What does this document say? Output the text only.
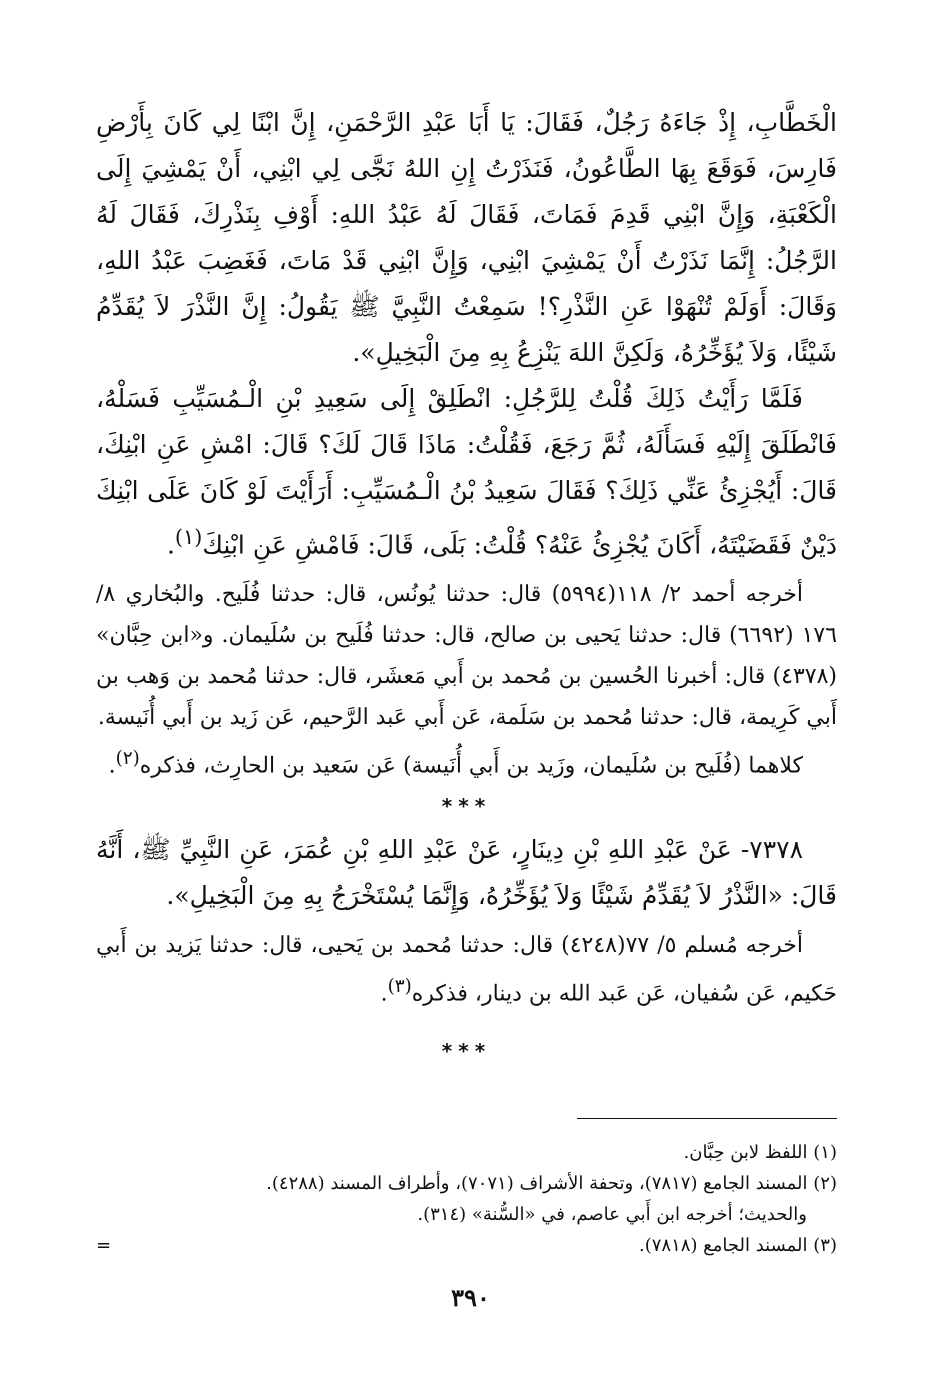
الْخَطَّابِ، إِذْ جَاءَهُ رَجُلٌ، فَقَالَ: يَا أَبَا عَبْدِ الرَّحْمَنِ، إِنَّ ابْنًا لِي كَانَ بِأَرْضِ فَارِسَ، فَوَقَعَ بِهَا الطَّاعُونُ، فَنَذَرْتُ إِنِ اللهُ نَجَّى لِي ابْنِي، أَنْ يَمْشِيَ إِلَى الْكَعْبَةِ، وَإِنَّ ابْنِي قَدِمَ فَمَاتَ، فَقَالَ لَهُ عَبْدُ اللهِ: أَوْفِ بِنَذْرِكَ، فَقَالَ لَهُ الرَّجُلُ: إِنَّمَا نَذَرْتُ أَنْ يَمْشِيَ ابْنِي، وَإِنَّ ابْنِي قَدْ مَاتَ، فَغَضِبَ عَبْدُ اللهِ، وَقَالَ: أَوَلَمْ تُنْهَوْا عَنِ النَّذْرِ؟! سَمِعْتُ النَّبِيَّ ﷺ يَقُولُ: إِنَّ النَّذْرَ لاَ يُقَدِّمُ شَيْئًا، وَلاَ يُؤَخِّرُهُ، وَلَكِنَّ اللهَ يَنْزِعُ بِهِ مِنَ الْبَخِيلِ».

فَلَمَّا رَأَيْتُ ذَلِكَ قُلْتُ لِلرَّجُلِ: انْطَلِقْ إِلَى سَعِيدِ بْنِ الْـمُسَيِّبِ فَسَلْهُ، فَانْطَلَقَ إِلَيْهِ فَسَأَلَهُ، ثُمَّ رَجَعَ، فَقُلْتُ: مَاذَا قَالَ لَكَ؟ قَالَ: امْشِ عَنِ ابْنِكَ، قَالَ: أَيُجْزِئُ عَنِّي ذَلِكَ؟ فَقَالَ سَعِيدُ بْنُ الْـمُسَيِّبِ: أَرَأَيْتَ لَوْ كَانَ عَلَى ابْنِكَ دَيْنٌ فَقَضَيْتَهُ، أَكَانَ يُجْزِئُ عَنْهُ؟ قُلْتُ: بَلَى، قَالَ: فَامْشِ عَنِ ابْنِكَ$^{(١)}$.

أخرجه أحمد ٢/ ١١٨(٥٩٩٤) قال: حدثنا يُونُس، قال: حدثنا فُلَيح. والبُخاري ٨/ ١٧٦ (٦٦٩٢) قال: حدثنا يَحيى بن صالح، قال: حدثنا فُلَيح بن سُلَيمان. و«ابن حِبَّان» (٤٣٧٨) قال: أخبرنا الحُسين بن مُحمد بن أَبي مَعشَر، قال: حدثنا مُحمد بن وَهب بن أَبي كَرِيمة، قال: حدثنا مُحمد بن سَلَمة، عَن أَبي عَبد الرَّحيم، عَن زَيد بن أَبي أُنَيسة.

كلاهما (فُلَيح بن سُلَيمان، وزَيد بن أَبي أُنَيسة) عَن سَعيد بن الحارِث، فذكره$^{(٢)}$.

***

٧٣٧٨- عَنْ عَبْدِ اللهِ بْنِ دِينَارٍ، عَنْ عَبْدِ اللهِ بْنِ عُمَرَ، عَنِ النَّبِيِّ ﷺ، أَنَّهُ قَالَ: «النَّذْرُ لاَ يُقَدِّمُ شَيْئًا وَلاَ يُؤَخِّرُهُ، وَإِنَّمَا يُسْتَخْرَجُ بِهِ مِنَ الْبَخِيلِ».

أخرجه مُسلم ٥/ ٧٧(٤٢٤٨) قال: حدثنا مُحمد بن يَحيى، قال: حدثنا يَزيد بن أَبي حَكيم، عَن سُفيان، عَن عَبد الله بن دينار، فذكره$^{(٣)}$.

***

(١) اللفظ لابن حِبَّان.

(٢) المسند الجامع (٧٨١٧)، وتحفة الأشراف (٧٠٧١)، وأطراف المسند (٤٢٨٨).

والحديث؛ أخرجه ابن أَبي عاصم، في «السُّنة» (٣١٤).

(٣) المسند الجامع (٧٨١٨).
=

٣٩٠
